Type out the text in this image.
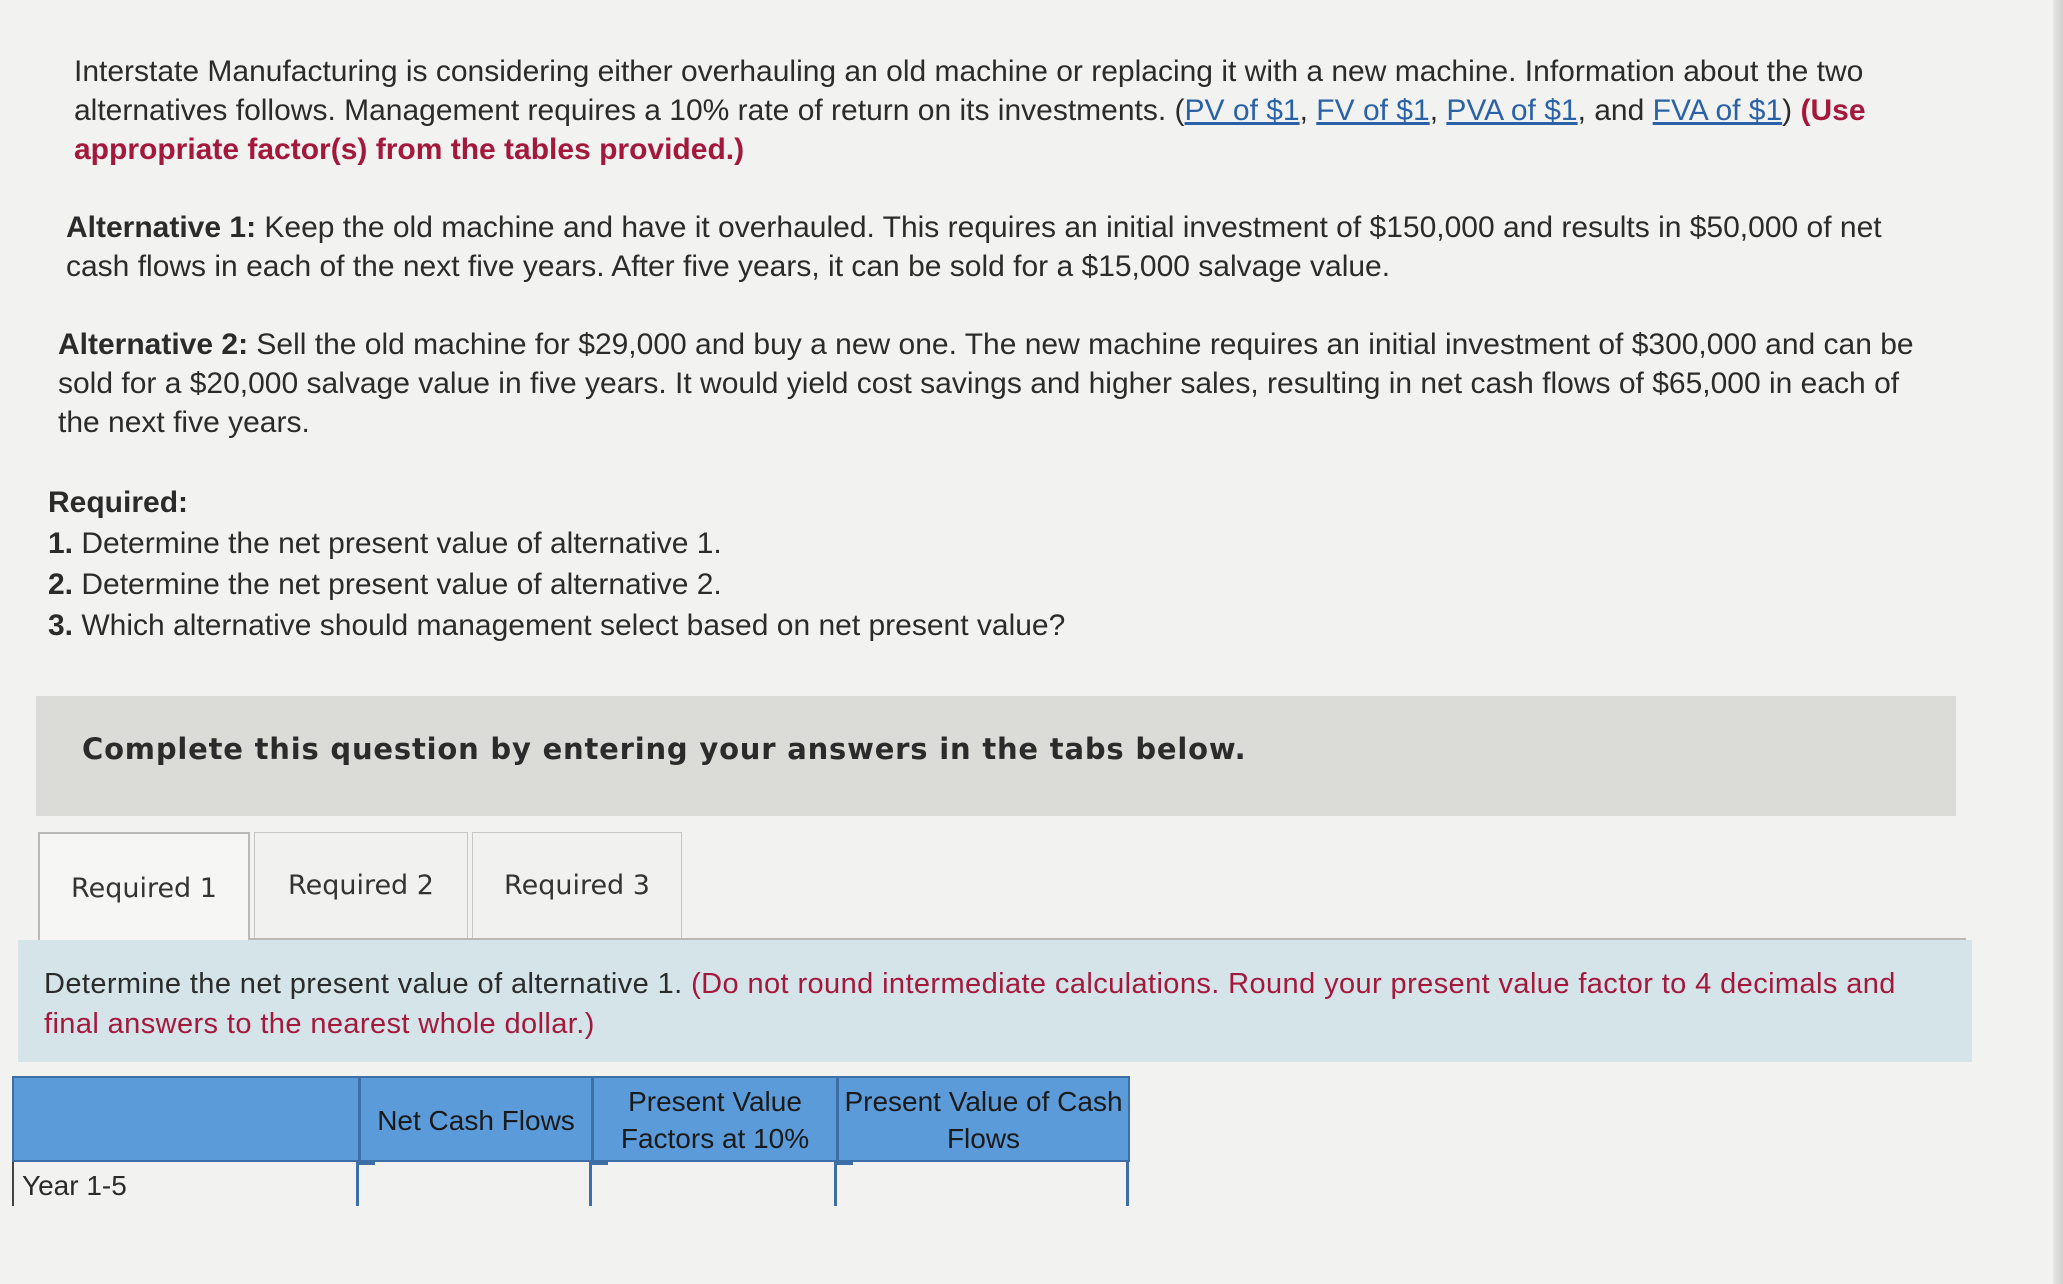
Interstate Manufacturing is considering either overhauling an old machine or replacing it with a new machine. Information about the two alternatives follows. Management requires a 10% rate of return on its investments. (PV of $1, FV of $1, PVA of $1, and FVA of $1) (Use appropriate factor(s) from the tables provided.)

Alternative 1: Keep the old machine and have it overhauled. This requires an initial investment of $150,000 and results in $50,000 of net cash flows in each of the next five years. After five years, it can be sold for a $15,000 salvage value.
Alternative 2: Sell the old machine for $29,000 and buy a new one. The new machine requires an initial investment of $300,000 and can be sold for a $20,000 salvage value in five years. It would yield cost savings and higher sales, resulting in net cash flows of $65,000 in each of the next five years.
Required:
1. Determine the net present value of alternative 1.
2. Determine the net present value of alternative 2.
3. Which alternative should management select based on net present value?
Complete this question by entering your answers in the tabs below.
Required 1	Required 2	Required 3
Determine the net present value of alternative 1. (Do not round intermediate calculations. Round your present value factor to 4 decimals and final answers to the nearest whole dollar.)
Net Cash Flows
Present Value Factors at 10%
Present Value of Cash Flows
Year 1-5
